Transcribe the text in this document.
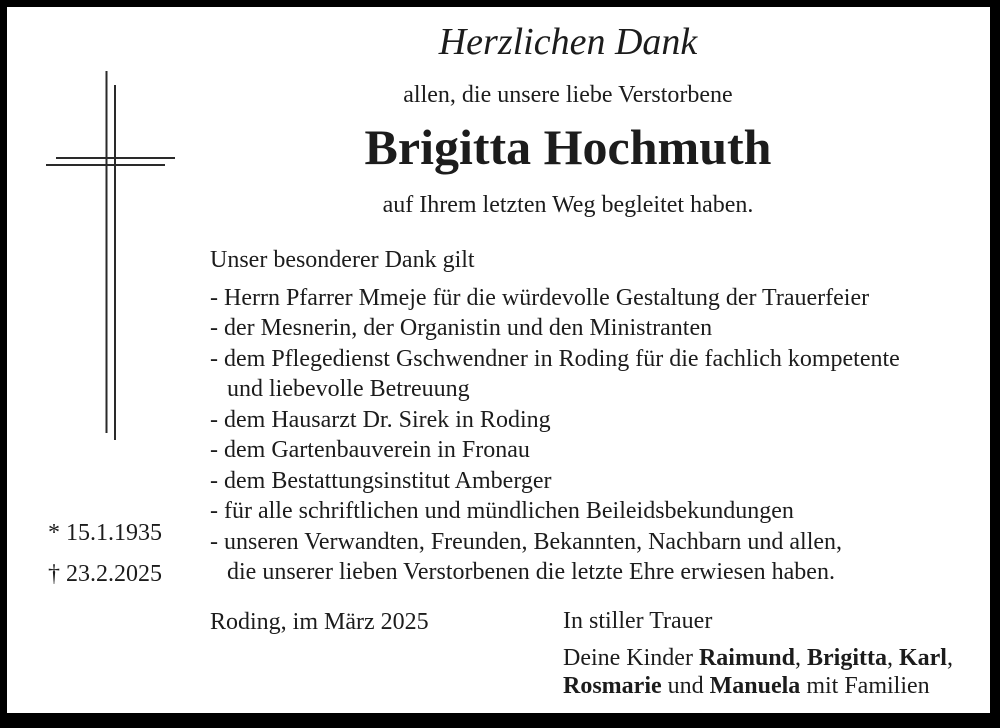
Herzlichen Dank
allen, die unsere liebe Verstorbene
Brigitta Hochmuth
auf Ihrem letzten Weg begleitet haben.
Unser besonderer Dank gilt
- Herrn Pfarrer Mmeje für die würdevolle Gestaltung der Trauerfeier
- der Mesnerin, der Organistin und den Ministranten
- dem Pflegedienst Gschwendner in Roding für die fachlich kompetente
und liebevolle Betreuung
- dem Hausarzt Dr. Sirek in Roding
- dem Gartenbauverein in Fronau
- dem Bestattungsinstitut Amberger
- für alle schriftlichen und mündlichen Beileidsbekundungen
- unseren Verwandten, Freunden, Bekannten, Nachbarn und allen,
die unserer lieben Verstorbenen die letzte Ehre erwiesen haben.
* 15.1.1935
† 23.2.2025
Roding, im März 2025	In stiller Trauer
Deine Kinder Raimund, Brigitta, Karl,
Rosmarie und Manuela mit Familien
